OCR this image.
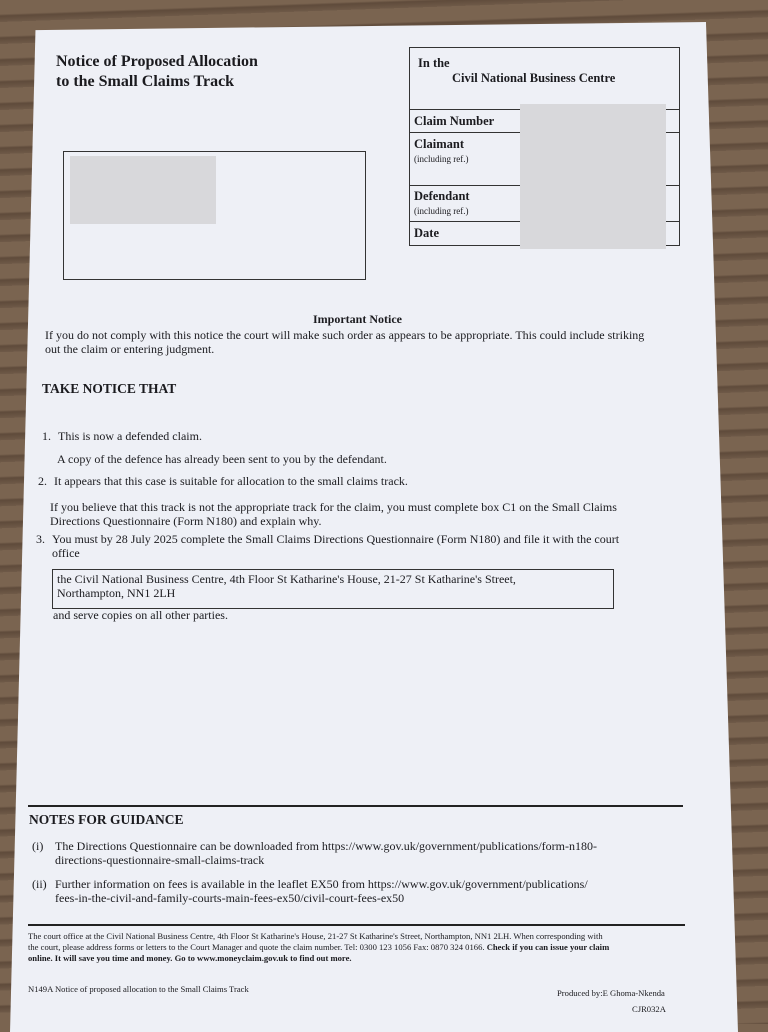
Notice of Proposed Allocation
to the Small Claims Track
In the
Civil National Business Centre
Claim Number
Claimant
(including ref.)
Defendant
(including ref.)
Date
Important Notice
If you do not comply with this notice the court will make such order as appears to be appropriate. This could include striking
out the claim or entering judgment.
TAKE NOTICE THAT
1. This is now a defended claim.
A copy of the defence has already been sent to you by the defendant.
2. It appears that this case is suitable for allocation to the small claims track.
If you believe that this track is not the appropriate track for the claim, you must complete box C1 on the Small Claims
Directions Questionnaire (Form N180) and explain why.
3. You must by 28 July 2025 complete the Small Claims Directions Questionnaire (Form N180) and file it with the court
office
the Civil National Business Centre, 4th Floor St Katharine's House, 21-27 St Katharine's Street,
Northampton, NN1 2LH
and serve copies on all other parties.
NOTES FOR GUIDANCE
(i) The Directions Questionnaire can be downloaded from https://www.gov.uk/government/publications/form-n180-
directions-questionnaire-small-claims-track
(ii) Further information on fees is available in the leaflet EX50 from https://www.gov.uk/government/publications/
fees-in-the-civil-and-family-courts-main-fees-ex50/civil-court-fees-ex50
The court office at the Civil National Business Centre, 4th Floor St Katharine's House, 21-27 St Katharine's Street, Northampton, NN1 2LH. When corresponding with
the court, please address forms or letters to the Court Manager and quote the claim number. Tel: 0300 123 1056 Fax: 0870 324 0166. Check if you can issue your claim
online. It will save you time and money. Go to www.moneyclaim.gov.uk to find out more.
N149A Notice of proposed allocation to the Small Claims Track	Produced by:E Ghoma-Nkenda
CJR032A
